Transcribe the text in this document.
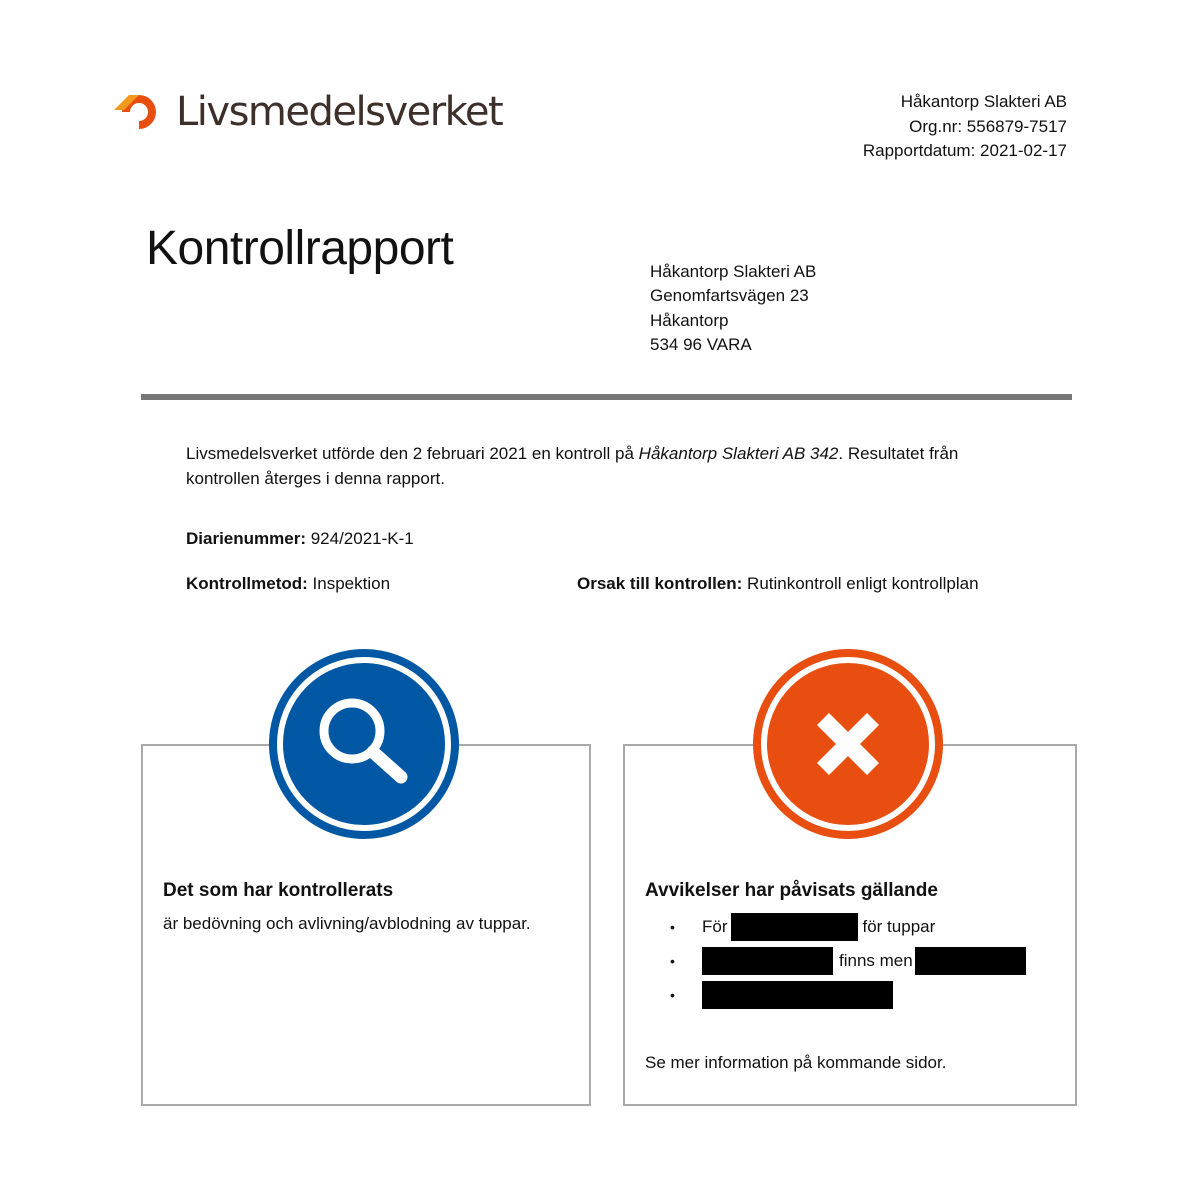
Livsmedelsverket	Håkantorp Slakteri AB
Org.nr: 556879-7517
Rapportdatum: 2021-02-17
Kontrollrapport	Håkantorp Slakteri AB
Genomfartsvägen 23
Håkantorp
534 96 VARA

Livsmedelsverket utförde den 2 februari 2021 en kontroll på Håkantorp Slakteri AB 342. Resultatet från kontrollen återges i denna rapport.

Diarienummer: 924/2021-K-1
Kontrollmetod: Inspektion	Orsak till kontrollen: Rutinkontroll enligt kontrollplan
Det som har kontrollerats
är bedövning och avlivning/avblodning av tuppar.
Avvikelser har påvisats gällande
•	För	för tuppar
•	finns men
•
Se mer information på kommande sidor.
